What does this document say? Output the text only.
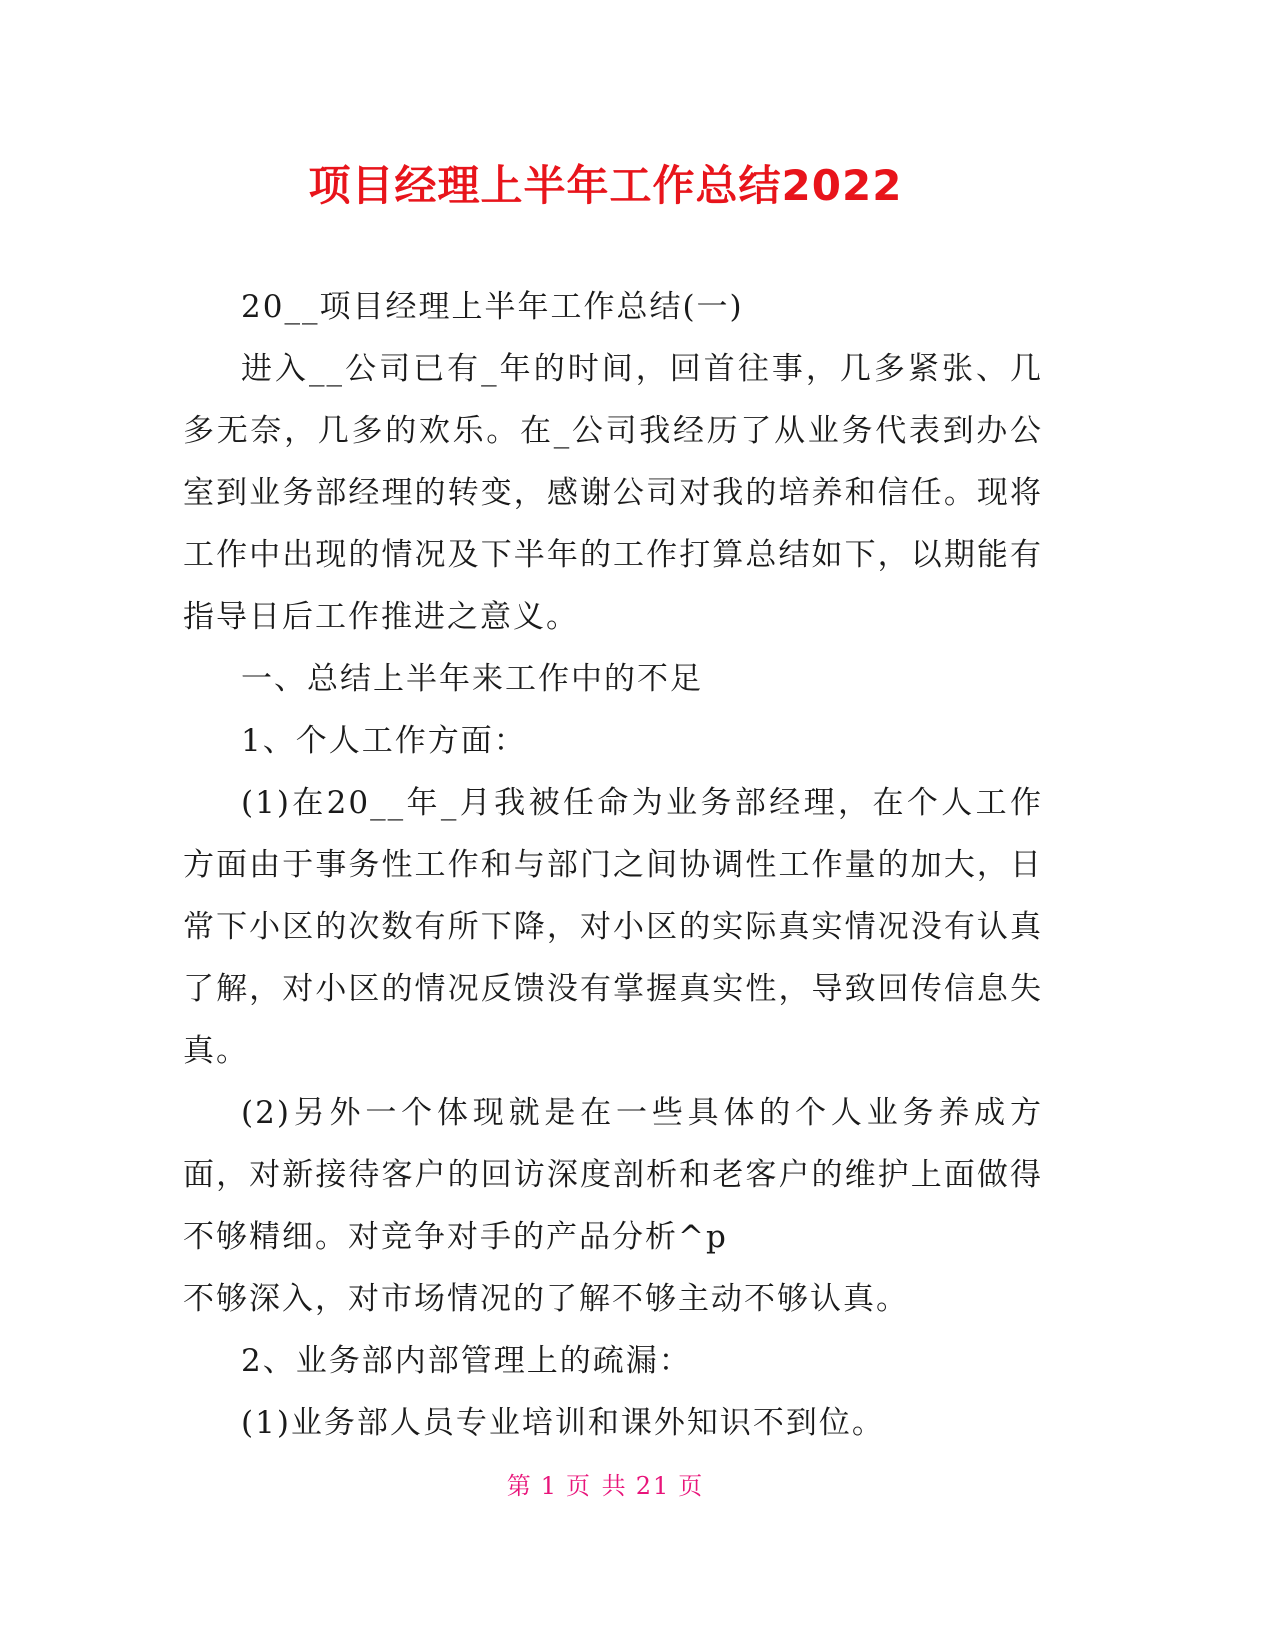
项目经理上半年工作总结2022

20__项目经理上半年工作总结(一)

进入__公司已有_年的时间，回首往事，几多紧张、几多无奈，几多的欢乐。在_公司我经历了从业务代表到办公室到业务部经理的转变，感谢公司对我的培养和信任。现将工作中出现的情况及下半年的工作打算总结如下，以期能有指导日后工作推进之意义。

一、总结上半年来工作中的不足

1、个人工作方面：

(1)在20__年_月我被任命为业务部经理，在个人工作方面由于事务性工作和与部门之间协调性工作量的加大，日常下小区的次数有所下降，对小区的实际真实情况没有认真了解，对小区的情况反馈没有掌握真实性，导致回传信息失真。

(2)另外一个体现就是在一些具体的个人业务养成方面，对新接待客户的回访深度剖析和老客户的维护上面做得不够精细。对竞争对手的产品分析^p

不够深入，对市场情况的了解不够主动不够认真。

2、业务部内部管理上的疏漏：

(1)业务部人员专业培训和课外知识不到位。

第 1 页 共 21 页
